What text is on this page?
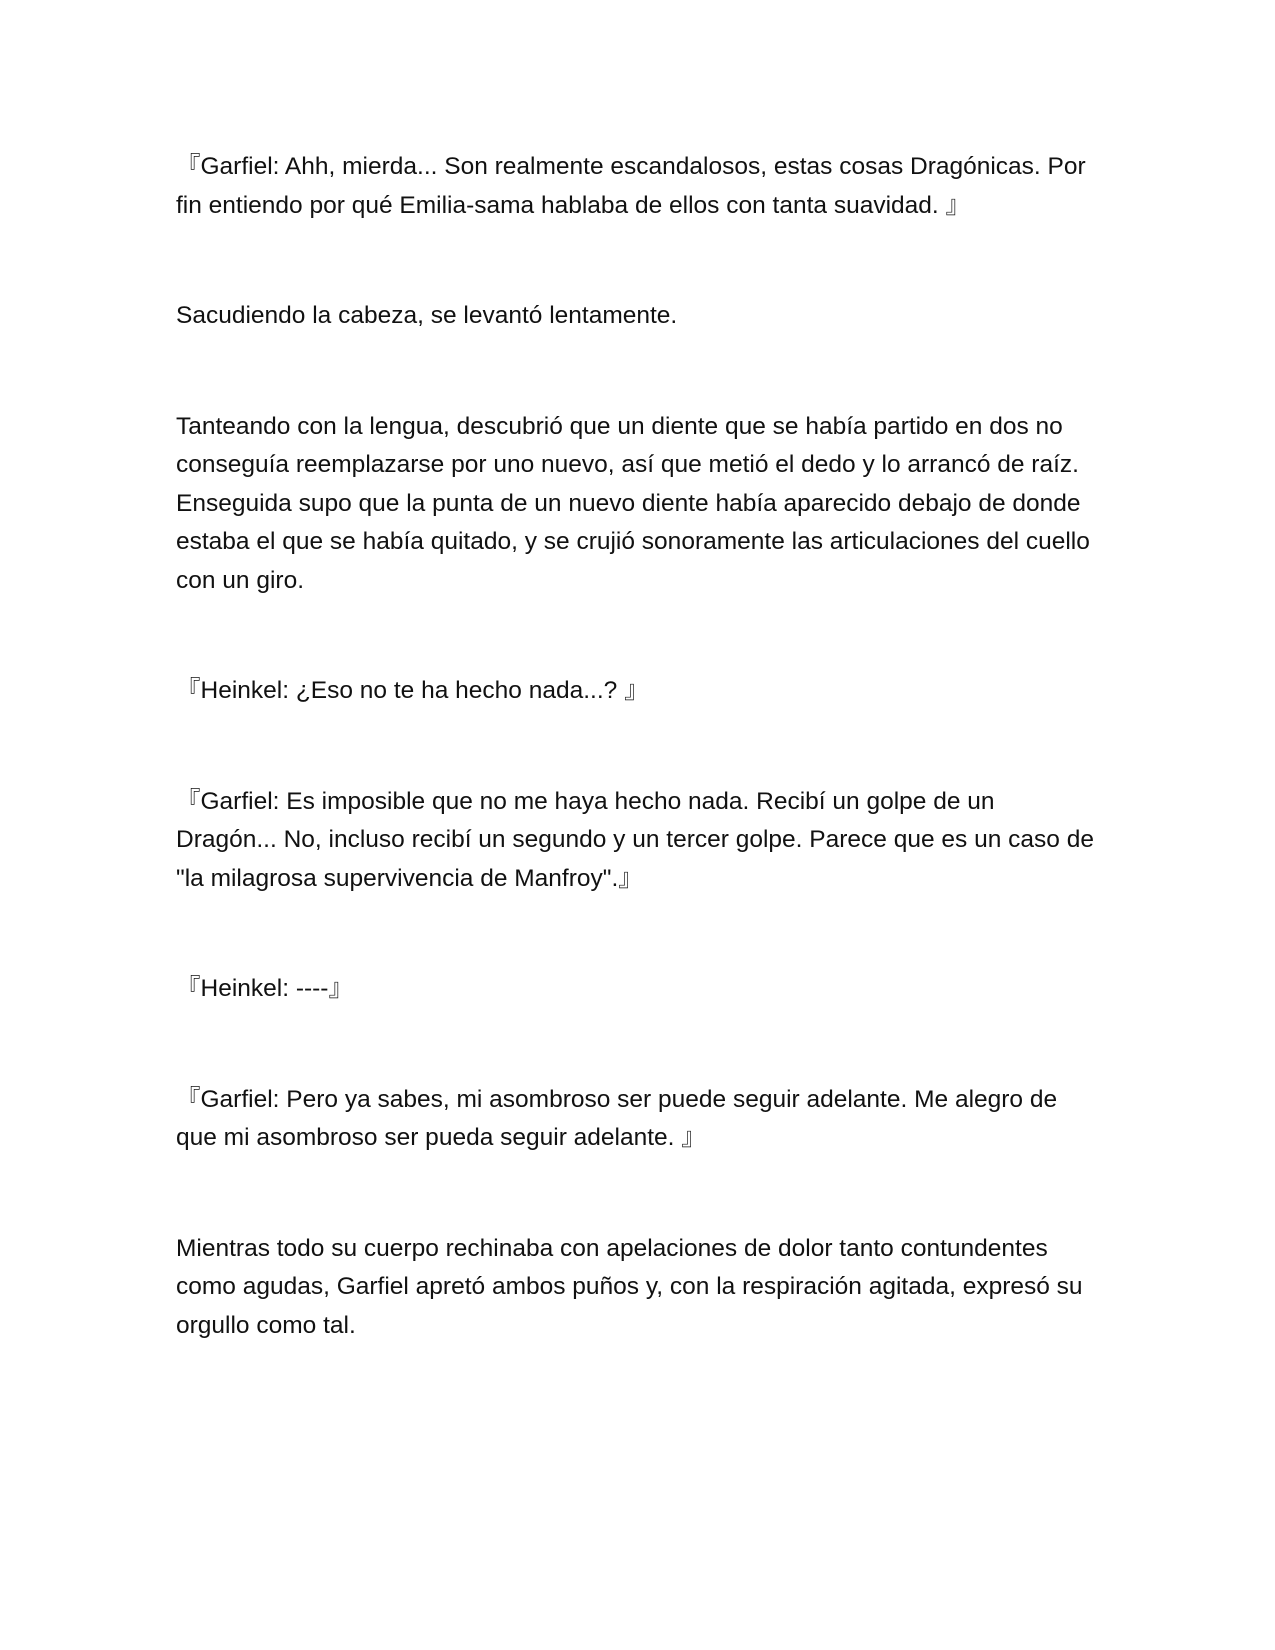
『Garfiel: Ahh, mierda... Son realmente escandalosos, estas cosas Dragónicas. Por fin entiendo por qué Emilia-sama hablaba de ellos con tanta suavidad. 』

Sacudiendo la cabeza, se levantó lentamente.

Tanteando con la lengua, descubrió que un diente que se había partido en dos no conseguía reemplazarse por uno nuevo, así que metió el dedo y lo arrancó de raíz. Enseguida supo que la punta de un nuevo diente había aparecido debajo de donde estaba el que se había quitado, y se crujió sonoramente las articulaciones del cuello con un giro.

『Heinkel: ¿Eso no te ha hecho nada...? 』

『Garfiel: Es imposible que no me haya hecho nada. Recibí un golpe de un Dragón... No, incluso recibí un segundo y un tercer golpe. Parece que es un caso de "la milagrosa supervivencia de Manfroy".』

『Heinkel: ----』

『Garfiel: Pero ya sabes, mi asombroso ser puede seguir adelante. Me alegro de que mi asombroso ser pueda seguir adelante. 』

Mientras todo su cuerpo rechinaba con apelaciones de dolor tanto contundentes como agudas, Garfiel apretó ambos puños y, con la respiración agitada, expresó su orgullo como tal.
